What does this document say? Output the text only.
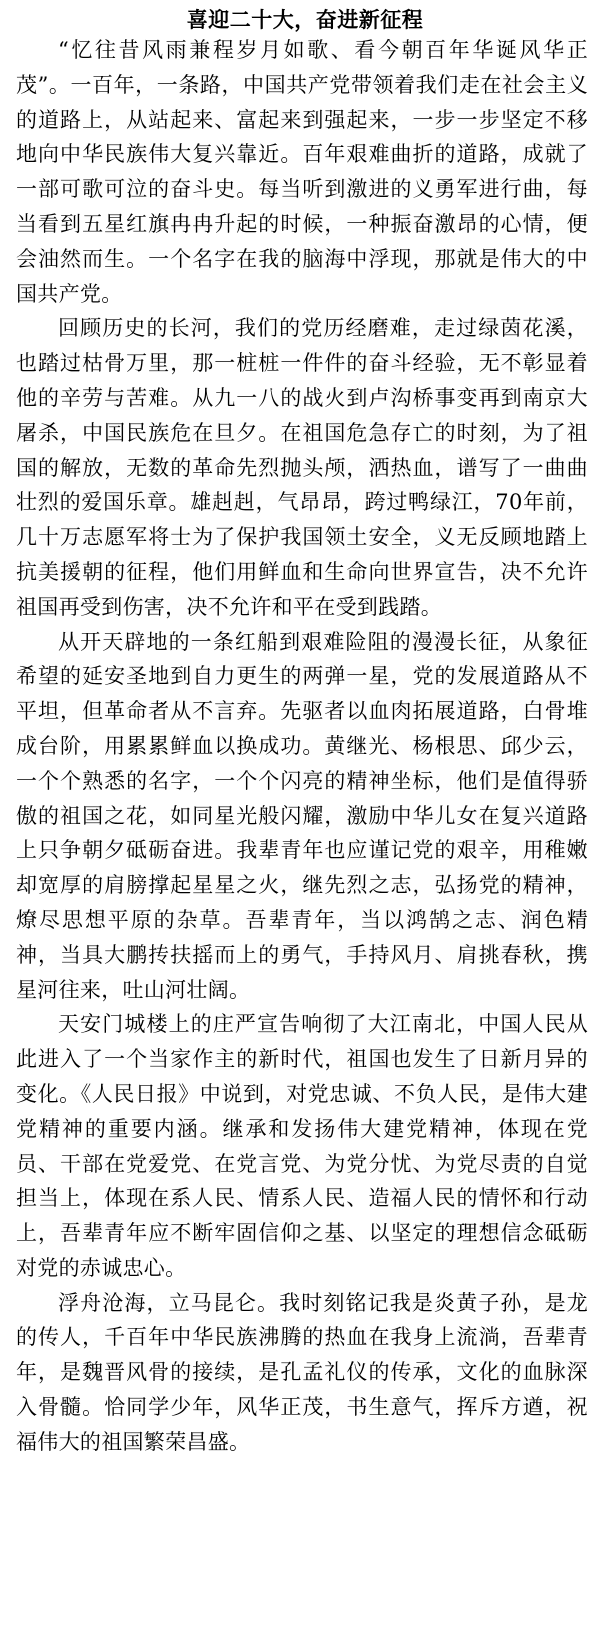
喜迎二十大，奋进新征程

“忆往昔风雨兼程岁月如歌、看今朝百年华诞风华正茂”。一百年，一条路，中国共产党带领着我们走在社会主义的道路上，从站起来、富起来到强起来，一步一步坚定不移地向中华民族伟大复兴靠近。百年艰难曲折的道路，成就了一部可歌可泣的奋斗史。每当听到激进的义勇军进行曲，每当看到五星红旗冉冉升起的时候，一种振奋激昂的心情，便会油然而生。一个名字在我的脑海中浮现，那就是伟大的中国共产党。

回顾历史的长河，我们的党历经磨难，走过绿茵花溪，也踏过枯骨万里，那一桩桩一件件的奋斗经验，无不彰显着他的辛劳与苦难。从九一八的战火到卢沟桥事变再到南京大屠杀，中国民族危在旦夕。在祖国危急存亡的时刻，为了祖国的解放，无数的革命先烈抛头颅，洒热血，谱写了一曲曲壮烈的爱国乐章。雄赳赳，气昂昂，跨过鸭绿江，70年前，几十万志愿军将士为了保护我国领土安全，义无反顾地踏上抗美援朝的征程，他们用鲜血和生命向世界宣告，决不允许祖国再受到伤害，决不允许和平在受到践踏。

从开天辟地的一条红船到艰难险阻的漫漫长征，从象征希望的延安圣地到自力更生的两弹一星，党的发展道路从不平坦，但革命者从不言弃。先驱者以血肉拓展道路，白骨堆成台阶，用累累鲜血以换成功。黄继光、杨根思、邱少云，一个个熟悉的名字，一个个闪亮的精神坐标，他们是值得骄傲的祖国之花，如同星光般闪耀，激励中华儿女在复兴道路上只争朝夕砥砺奋进。我辈青年也应谨记党的艰辛，用稚嫩却宽厚的肩膀撑起星星之火，继先烈之志，弘扬党的精神，燎尽思想平原的杂草。吾辈青年，当以鸿鹄之志、润色精神，当具大鹏抟扶摇而上的勇气，手持风月、肩挑春秋，携星河往来，吐山河壮阔。

天安门城楼上的庄严宣告响彻了大江南北，中国人民从此进入了一个当家作主的新时代，祖国也发生了日新月异的变化。《人民日报》中说到，对党忠诚、不负人民，是伟大建党精神的重要内涵。继承和发扬伟大建党精神，体现在党员、干部在党爱党、在党言党、为党分忧、为党尽责的自觉担当上，体现在系人民、情系人民、造福人民的情怀和行动上，吾辈青年应不断牢固信仰之基、以坚定的理想信念砥砺对党的赤诚忠心。

浮舟沧海，立马昆仑。我时刻铭记我是炎黄子孙，是龙的传人，千百年中华民族沸腾的热血在我身上流淌，吾辈青年，是魏晋风骨的接续，是孔孟礼仪的传承，文化的血脉深入骨髓。恰同学少年，风华正茂，书生意气，挥斥方遒，祝福伟大的祖国繁荣昌盛。
